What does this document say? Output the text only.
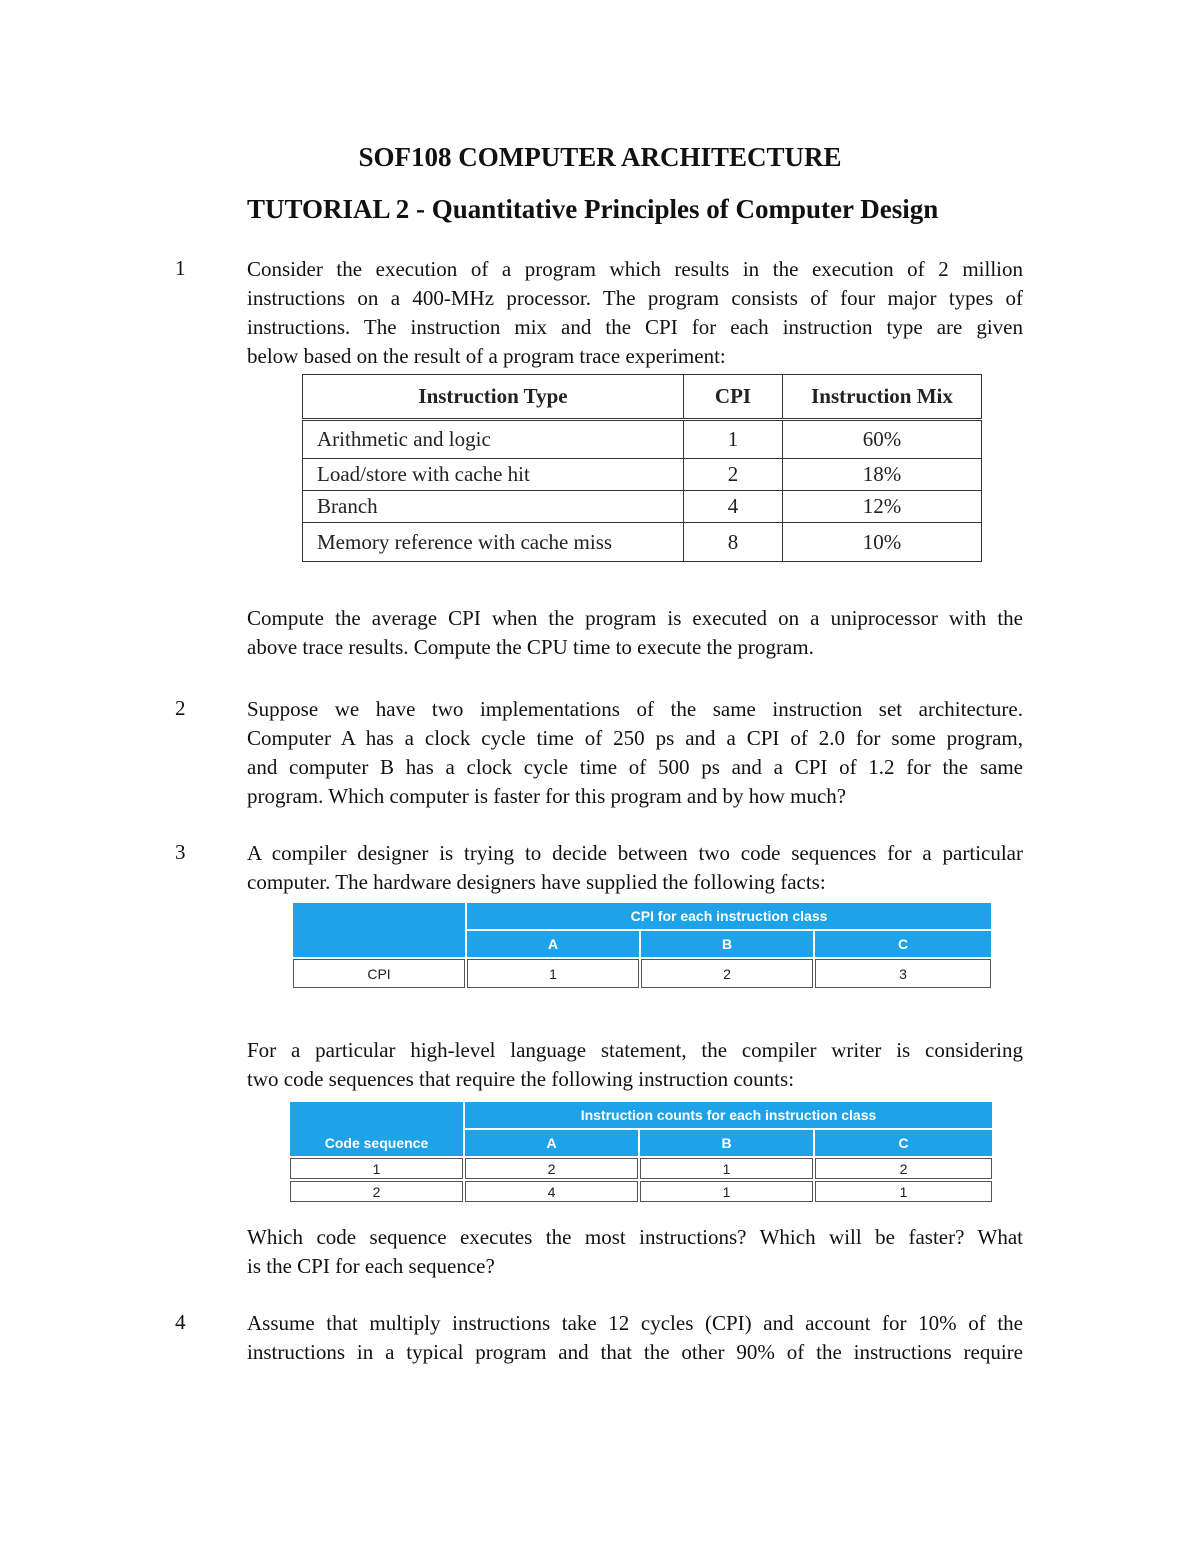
SOF108 COMPUTER ARCHITECTURE
TUTORIAL 2 - Quantitative Principles of Computer Design
1	Consider the execution of a program which results in the execution of 2 million
instructions on a 400-MHz processor. The program consists of four major types of
instructions. The instruction mix and the CPI for each instruction type are given
below based on the result of a program trace experiment:
Instruction Type	CPI	Instruction Mix
Arithmetic and logic	1	60%
Load/store with cache hit	2	18%
Branch	4	12%
Memory reference with cache miss	8	10%
Compute the average CPI when the program is executed on a uniprocessor with the
above trace results. Compute the CPU time to execute the program.
2	Suppose we have two implementations of the same instruction set architecture.
Computer A has a clock cycle time of 250 ps and a CPI of 2.0 for some program,
and computer B has a clock cycle time of 500 ps and a CPI of 1.2 for the same
program. Which computer is faster for this program and by how much?
3	A compiler designer is trying to decide between two code sequences for a particular
computer. The hardware designers have supplied the following facts:
	CPI for each instruction class		
	A	B	C
CPI	1	2	3
For a particular high-level language statement, the compiler writer is considering
two code sequences that require the following instruction counts:
Code sequence	Instruction counts for each instruction class		
	A	B	C
1	2	1	2
2	4	1	1
Which code sequence executes the most instructions? Which will be faster? What
is the CPI for each sequence?
4	Assume that multiply instructions take 12 cycles (CPI) and account for 10% of the
instructions in a typical program and that the other 90% of the instructions require
